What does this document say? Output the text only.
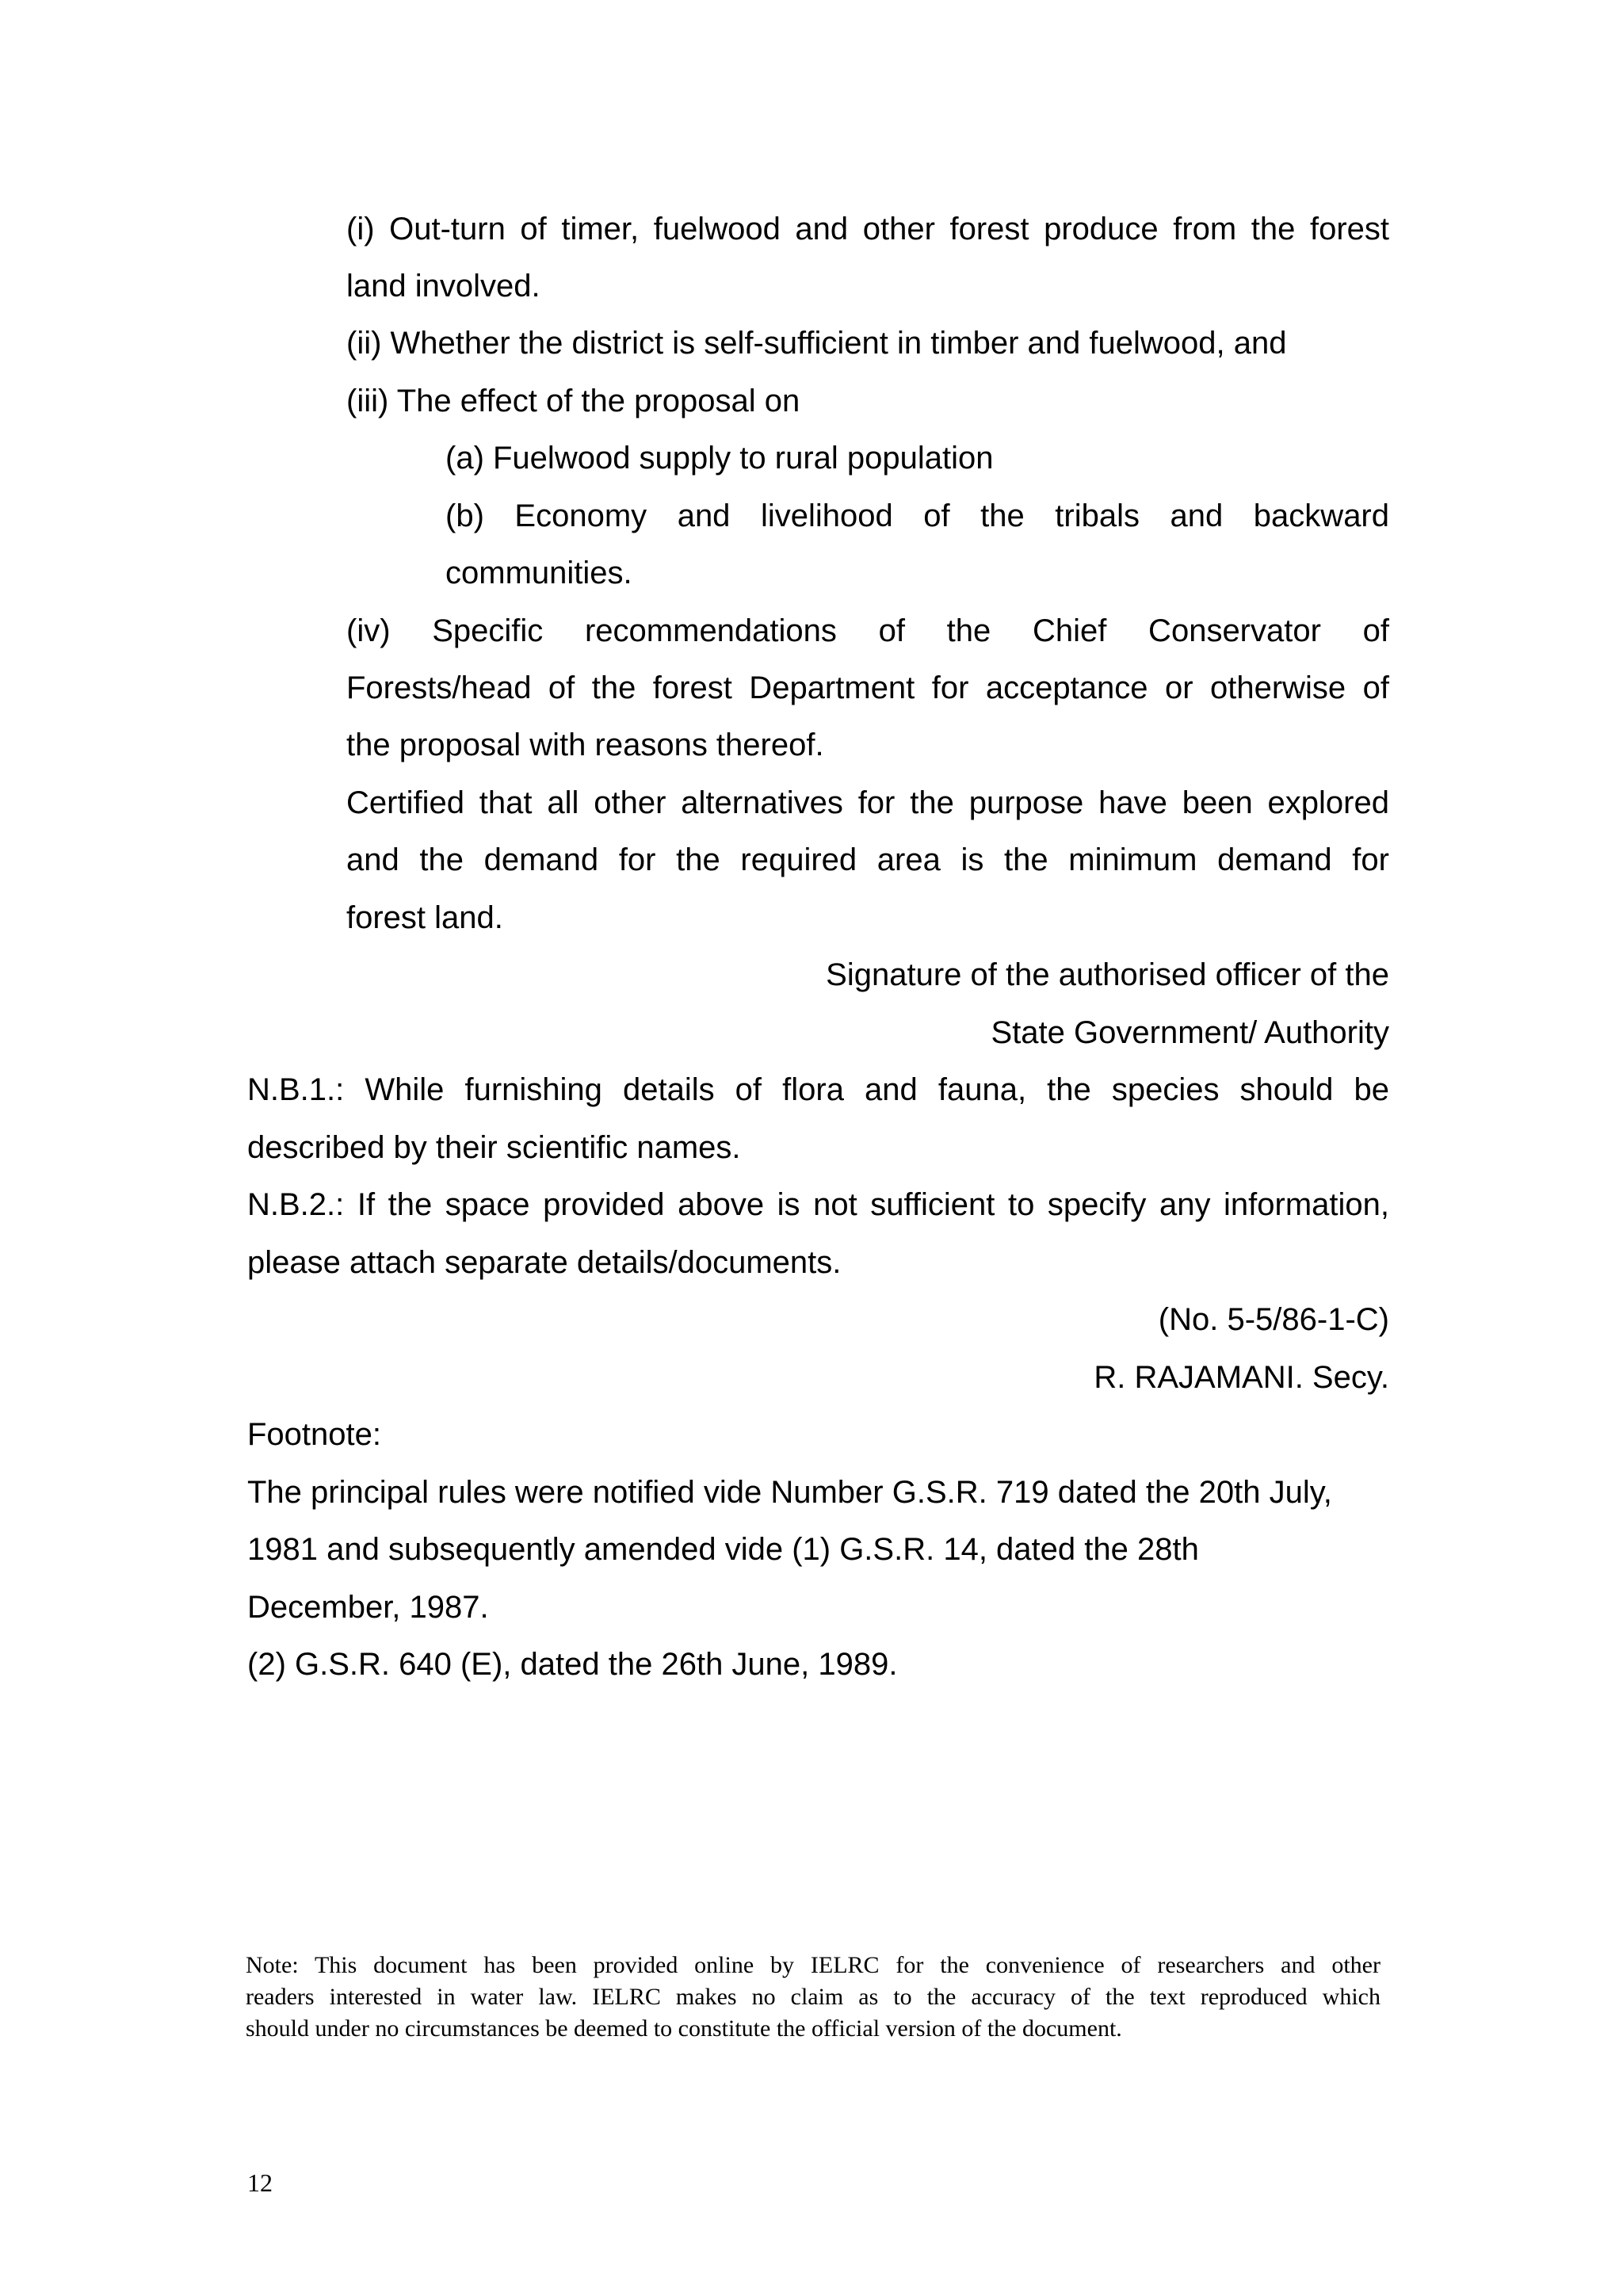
(i) Out-turn of timer, fuelwood and other forest produce from the forest
land involved.
(ii) Whether the district is self-sufficient in timber and fuelwood, and
(iii) The effect of the proposal on
(a) Fuelwood supply to rural population
(b) Economy and livelihood of the tribals and backward
communities.
(iv) Specific recommendations of the Chief Conservator of
Forests/head of the forest Department for acceptance or otherwise of
the proposal with reasons thereof.
Certified that all other alternatives for the purpose have been explored
and the demand for the required area is the minimum demand for
forest land.
Signature of the authorised officer of the
State Government/ Authority
N.B.1.: While furnishing details of flora and fauna, the species should be
described by their scientific names.
N.B.2.: If the space provided above is not sufficient to specify any information,
please attach separate details/documents.
(No. 5-5/86-1-C)
R. RAJAMANI. Secy.
Footnote:
The principal rules were notified vide Number G.S.R. 719 dated the 20th July,
1981 and subsequently amended vide (1) G.S.R. 14, dated the 28th
December, 1987.
(2) G.S.R. 640 (E), dated the 26th June, 1989.
Note: This document has been provided online by IELRC for the convenience of researchers and other
readers interested in water law. IELRC makes no claim as to the accuracy of the text reproduced which
should under no circumstances be deemed to constitute the official version of the document.
12
